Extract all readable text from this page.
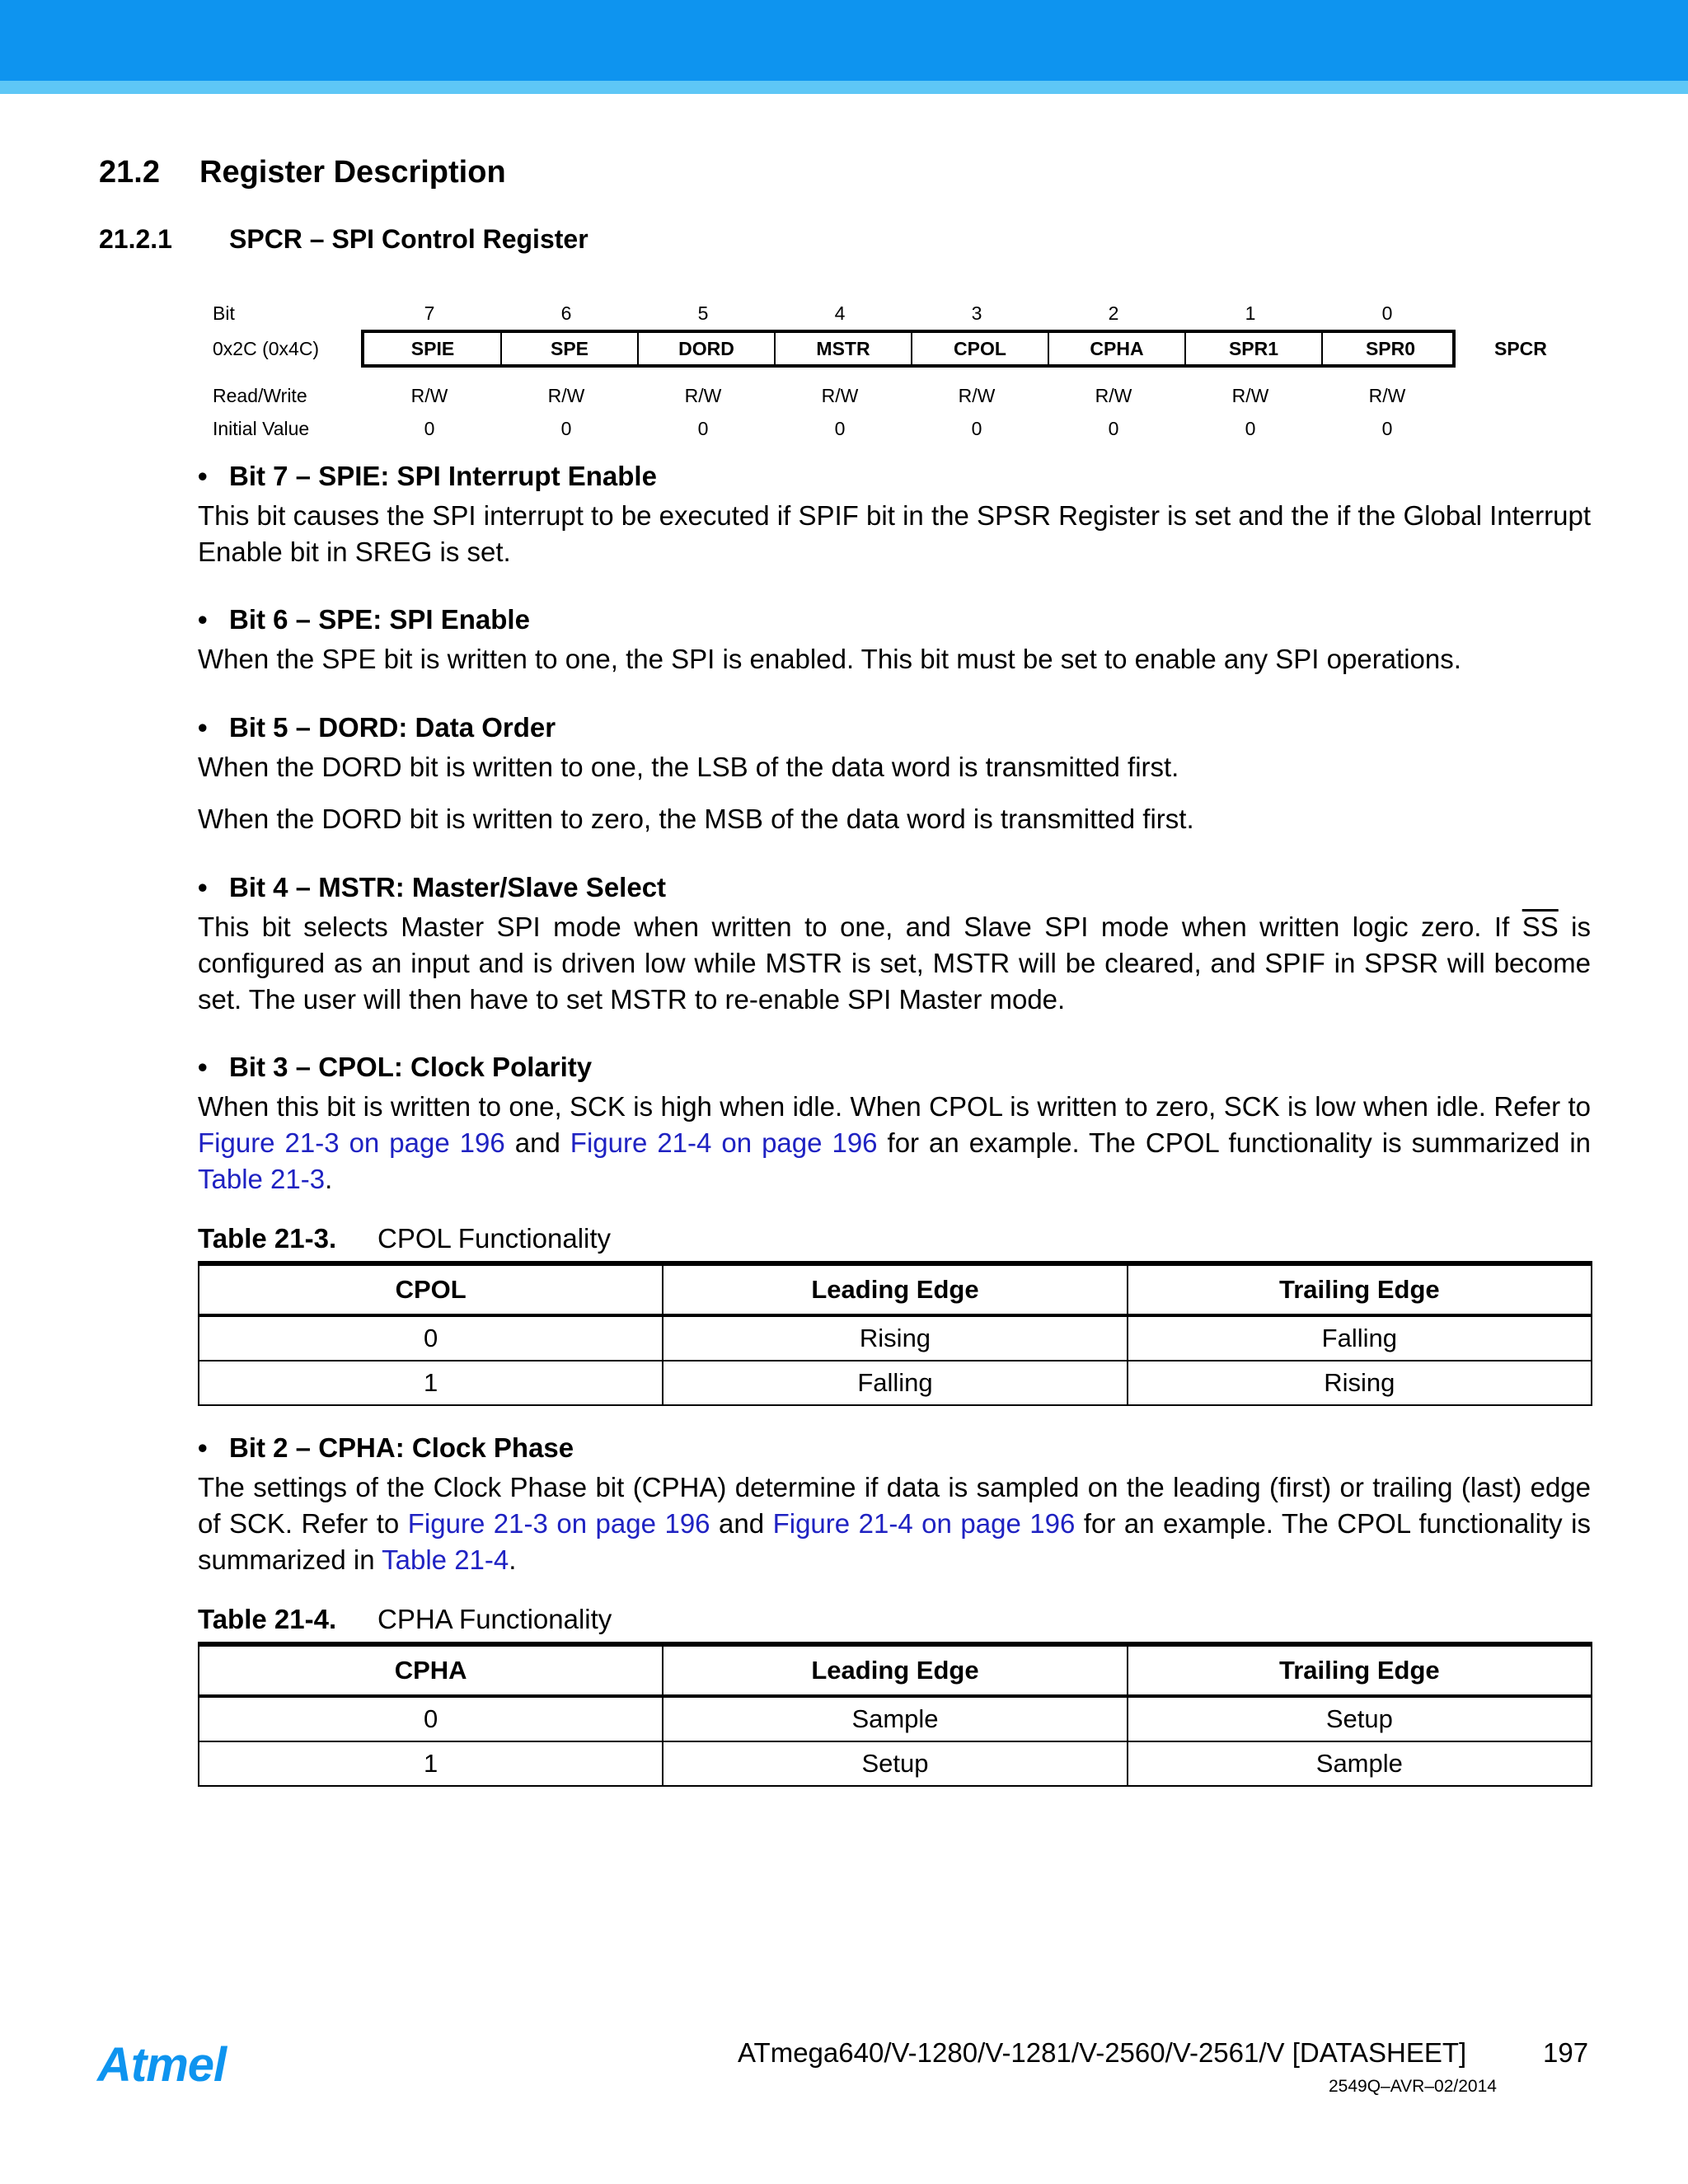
21.2 Register Description
21.2.1 SPCR – SPI Control Register
Bit	7	6	5	4	3	2	1	0
0x2C (0x4C)	SPIE	SPE	DORD	MSTR	CPOL	CPHA	SPR1	SPR0	SPCR
Read/Write	R/W	R/W	R/W	R/W	R/W	R/W	R/W	R/W
Initial Value	0	0	0	0	0	0	0	0
• Bit 7 – SPIE: SPI Interrupt Enable
This bit causes the SPI interrupt to be executed if SPIF bit in the SPSR Register is set and the if the Global Interrupt Enable bit in SREG is set.
• Bit 6 – SPE: SPI Enable
When the SPE bit is written to one, the SPI is enabled. This bit must be set to enable any SPI operations.
• Bit 5 – DORD: Data Order
When the DORD bit is written to one, the LSB of the data word is transmitted first.
When the DORD bit is written to zero, the MSB of the data word is transmitted first.
• Bit 4 – MSTR: Master/Slave Select
This bit selects Master SPI mode when written to one, and Slave SPI mode when written logic zero. If $\overline{SS}$ is configured as an input and is driven low while MSTR is set, MSTR will be cleared, and SPIF in SPSR will become set. The user will then have to set MSTR to re-enable SPI Master mode.
• Bit 3 – CPOL: Clock Polarity
When this bit is written to one, SCK is high when idle. When CPOL is written to zero, SCK is low when idle. Refer to Figure 21-3 on page 196 and Figure 21-4 on page 196 for an example. The CPOL functionality is summarized in Table 21-3.
Table 21-3. CPOL Functionality
CPOL	Leading Edge	Trailing Edge
0	Rising	Falling
1	Falling	Rising
• Bit 2 – CPHA: Clock Phase
The settings of the Clock Phase bit (CPHA) determine if data is sampled on the leading (first) or trailing (last) edge of SCK. Refer to Figure 21-3 on page 196 and Figure 21-4 on page 196 for an example. The CPOL functionality is summarized in Table 21-4.
Table 21-4. CPHA Functionality
CPHA	Leading Edge	Trailing Edge
0	Sample	Setup
1	Setup	Sample
Atmel	ATmega640/V-1280/V-1281/V-2560/V-2561/V [DATASHEET]	197
2549Q–AVR–02/2014
